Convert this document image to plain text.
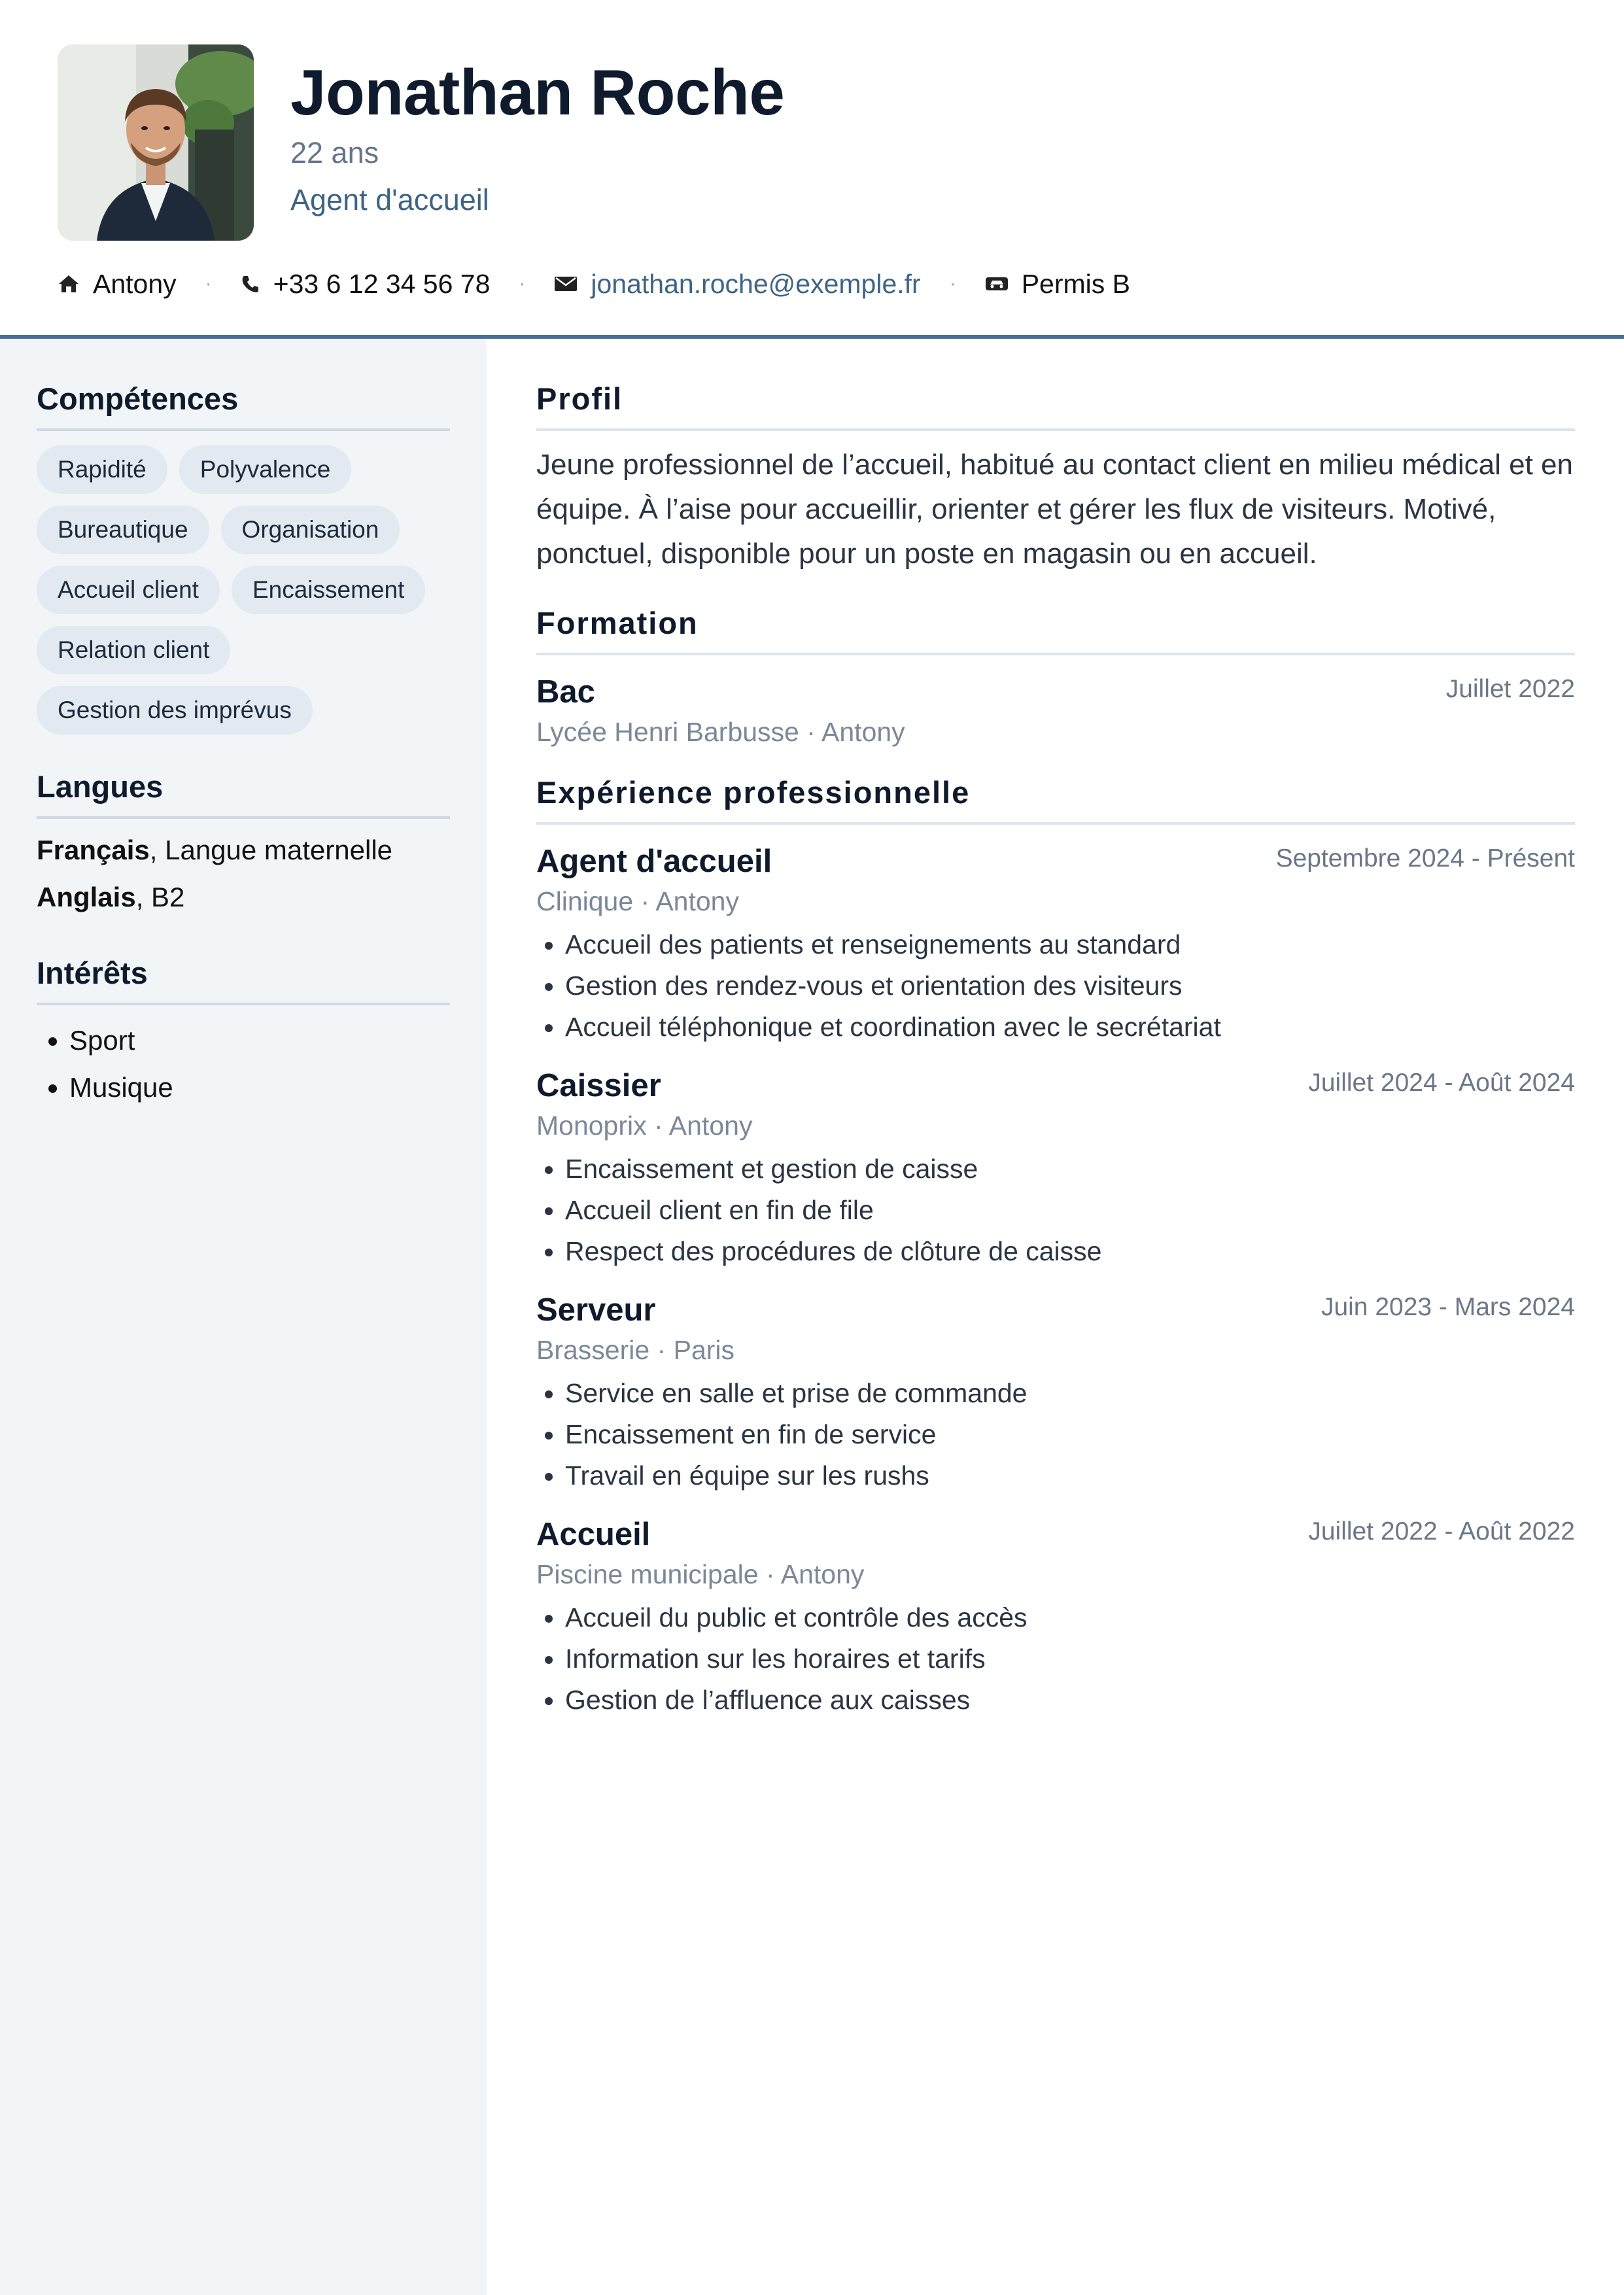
Jonathan Roche
22 ans
Agent d'accueil
Antony · +33 6 12 34 56 78 · jonathan.roche@exemple.fr · Permis B
Compétences
Rapidité	Polyvalence
Bureautique	Organisation
Accueil client	Encaissement
Relation client
Gestion des imprévus
Langues

Français, Langue maternelle

Anglais, B2

Intérêts
• Sport
• Musique
Profil

Jeune professionnel de l’accueil, habitué au contact client en milieu médical et en équipe. À l’aise pour accueillir, orienter et gérer les flux de visiteurs. Motivé, ponctuel, disponible pour un poste en magasin ou en accueil.

Formation
Bac	Juillet 2022
Lycée Henri Barbusse · Antony
Expérience professionnelle
Agent d'accueil	Septembre 2024 - Présent
Clinique · Antony
• Accueil des patients et renseignements au standard
• Gestion des rendez-vous et orientation des visiteurs
• Accueil téléphonique et coordination avec le secrétariat
Caissier	Juillet 2024 - Août 2024
Monoprix · Antony
• Encaissement et gestion de caisse
• Accueil client en fin de file
• Respect des procédures de clôture de caisse
Serveur	Juin 2023 - Mars 2024
Brasserie · Paris
• Service en salle et prise de commande
• Encaissement en fin de service
• Travail en équipe sur les rushs
Accueil	Juillet 2022 - Août 2022
Piscine municipale · Antony
• Accueil du public et contrôle des accès
• Information sur les horaires et tarifs
• Gestion de l’affluence aux caisses
